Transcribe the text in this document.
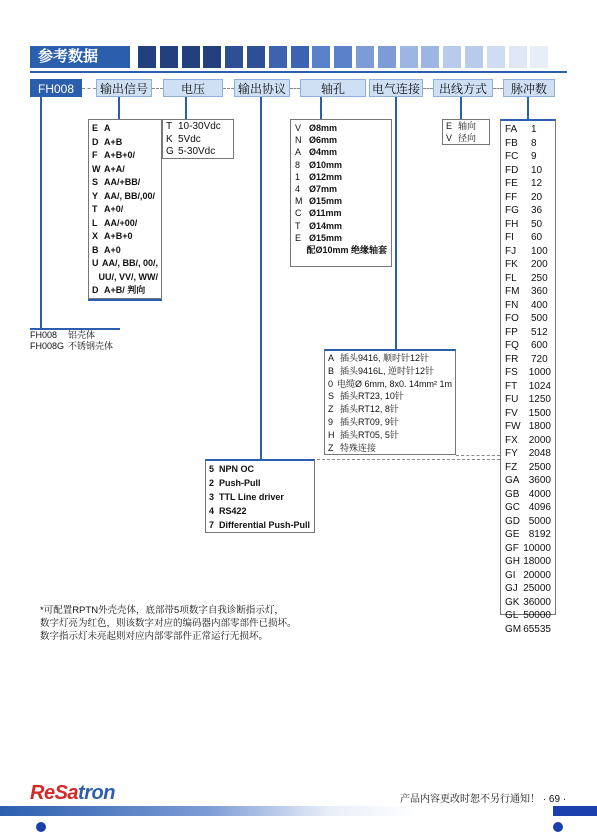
参考数据
FH008	输出信号	电压	输出协议	轴孔	电气连接	出线方式	脉冲数
E A
D A+B
F A+B+0/
W A+A/
S AA/+BB/
Y AA/, BB/,00/
T A+0/
L AA/+00/
X A+B+0
B A+0
U AA/, BB/, 00/,
UU/, VV/, WW/
D A+B/ 判向
T 10-30Vdc
K 5Vdc
G 5-30Vdc
V Ø8mm
N Ø6mm
A Ø4mm
8 Ø10mm
1 Ø12mm
4 Ø7mm
M Ø15mm
C Ø11mm
T Ø14mm
E Ø15mm
配Ø10mm 绝缘轴套
E 轴向
V 径向
FA	1
FB	8
FC	9
FD	10
FE	12
FF	20
FG	36
FH	50
FI	60
FJ	100
FK	200
FL	250
FM	360
FN	400
FO	500
FP	512
FQ	600
FR	720
FS	1000
FT	1024
FU	1250
FV	1500
FW 1800
FX	2000
FY	2048
FZ	2500
GA 3600
GB 4000
GC 4096
GD 5000
GE 8192
GF 10000
GH 18000
GI 20000
GJ 25000
GK 36000
GL 50000
GM 65535
FH008	铝壳体
FH008G 不锈钢壳体
A 插头9416, 顺时针12针
B 插头9416L, 逆时针12针
0 电缆Ø 6mm, 8x0. 14mm² 1m
S 插头RT23, 10针
Z 插头RT12, 8针
9 插头RT09, 9针
H 插头RT05, 5针
Z 特殊连接
5 NPN OC
2 Push-Pull
3 TTL Line driver
4 RS422
7 Differential Push-Pull
*可配置RPTN外壳壳体，底部带5项数字自我诊断指示灯，
数字灯亮为红色，则该数字对应的编码器内部零部件已损坏。
数字指示灯未亮起则对应内部零部件正常运行无损坏。
ReSatron	产品内容更改时恕不另行通知！ · 69 ·
